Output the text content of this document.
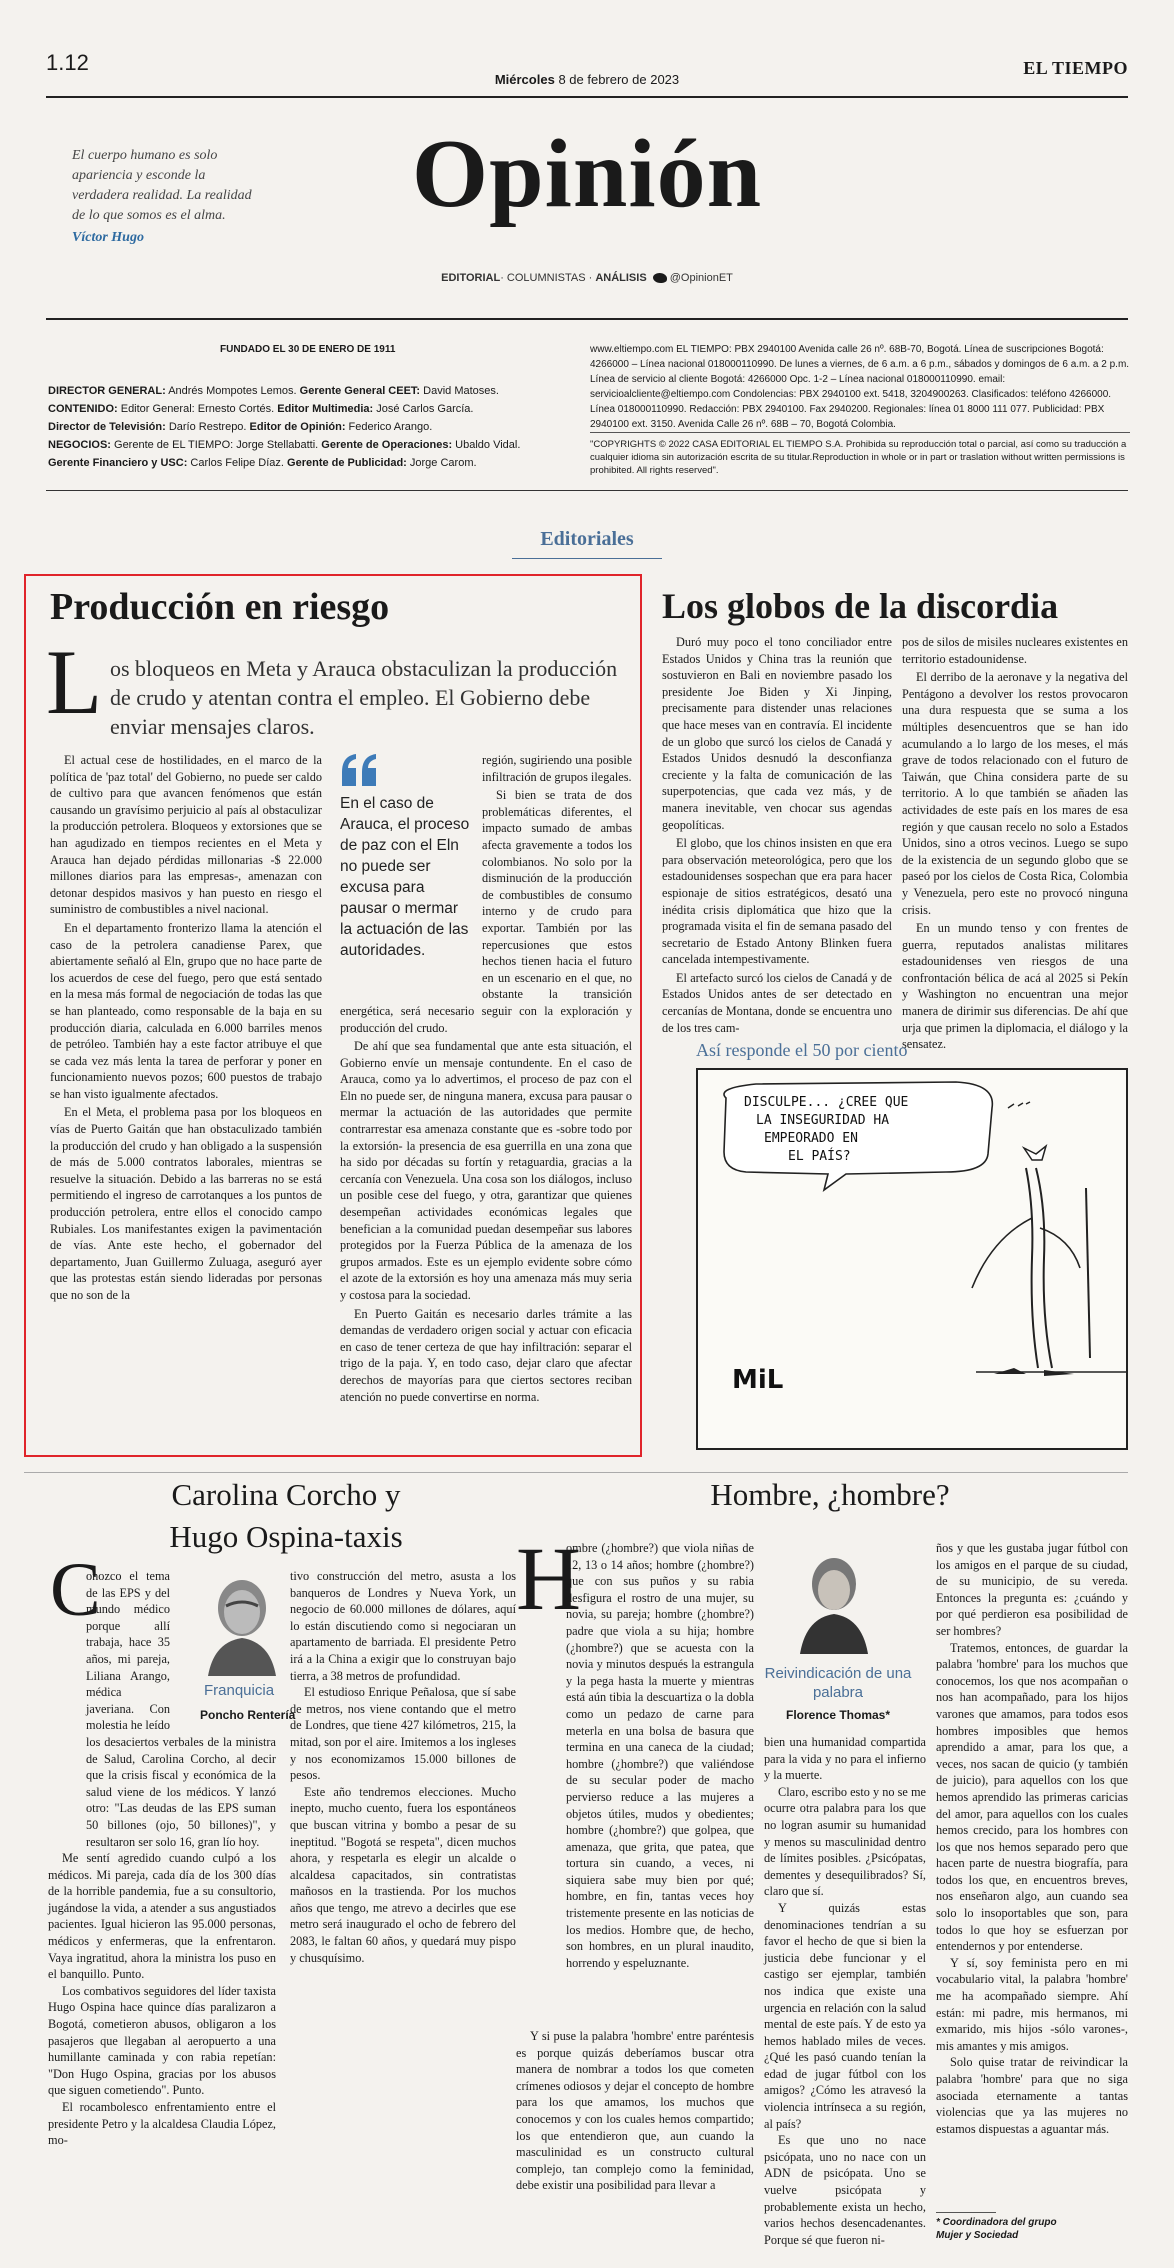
1.12
Miércoles 8 de febrero de 2023
EL TIEMPO
El cuerpo humano es solo apariencia y esconde la verdadera realidad. La realidad de lo que somos es el alma.
Víctor Hugo
Opinión
EDITORIAL· COLUMNISTAS · ANÁLISIS @OpinionET
FUNDADO EL 30 DE ENERO DE 1911
DIRECTOR GENERAL: Andrés Mompotes Lemos. Gerente General CEET: David Matoses.
CONTENIDO: Editor General: Ernesto Cortés. Editor Multimedia: José Carlos García.
Director de Televisión: Darío Restrepo. Editor de Opinión: Federico Arango.
NEGOCIOS: Gerente de EL TIEMPO: Jorge Stellabatti. Gerente de Operaciones: Ubaldo Vidal.
Gerente Financiero y USC: Carlos Felipe Díaz. Gerente de Publicidad: Jorge Carom.
www.eltiempo.com EL TIEMPO: PBX 2940100 Avenida calle 26 nº. 68B-70, Bogotá. Línea de suscripciones Bogotá: 4266000 – Línea nacional 018000110990. De lunes a viernes, de 6 a.m. a 6 p.m., sábados y domingos de 6 a.m. a 2 p.m. Línea de servicio al cliente Bogotá: 4266000 Opc. 1-2 – Línea nacional 018000110990. email: servicioalcliente@eltiempo.com Condolencias: PBX 2940100 ext. 5418, 3204900263. Clasificados: teléfono 4266000. Línea 018000110990. Redacción: PBX 2940100. Fax 2940200. Regionales: línea 01 8000 111 077. Publicidad: PBX 2940100 ext. 3150. Avenida Calle 26 nº. 68B – 70, Bogotá Colombia.
"COPYRIGHTS © 2022 CASA EDITORIAL EL TIEMPO S.A. Prohibida su reproducción total o parcial, así como su traducción a cualquier idioma sin autorización escrita de su titular.Reproduction in whole or in part or traslation without written permissions is prohibited. All rights reserved".
Editoriales
Producción en riesgo
L os bloqueos en Meta y Arauca obstaculizan la producción de crudo y atentan contra el empleo. El Gobierno debe enviar mensajes claros.

El actual cese de hostilidades, en el marco de la política de 'paz total' del Gobierno, no puede ser caldo de cultivo para que avancen fenómenos que están causando un gravísimo perjuicio al país al obstaculizar la producción petrolera. Bloqueos y extorsiones que se han agudizado en tiempos recientes en el Meta y Arauca han dejado pérdidas millonarias -$ 22.000 millones diarios para las empresas-, amenazan con detonar despidos masivos y han puesto en riesgo el suministro de combustibles a nivel nacional.

En el departamento fronterizo llama la atención el caso de la petrolera canadiense Parex, que abiertamente señaló al Eln, grupo que no hace parte de los acuerdos de cese del fuego, pero que está sentado en la mesa más formal de negociación de todas las que se han planteado, como responsable de la baja en su producción diaria, calculada en 6.000 barriles menos de petróleo. También hay a este factor atribuye el que se cada vez más lenta la tarea de perforar y poner en funcionamiento nuevos pozos; 600 puestos de trabajo se han visto igualmente afectados.

En el Meta, el problema pasa por los bloqueos en vías de Puerto Gaitán que han obstaculizado también la producción del crudo y han obligado a la suspensión de más de 5.000 contratos laborales, mientras se resuelve la situación. Debido a las barreras no se está permitiendo el ingreso de carrotanques a los puntos de producción petrolera, entre ellos el conocido campo Rubiales. Los manifestantes exigen la pavimentación de vías. Ante este hecho, el gobernador del departamento, Juan Guillermo Zuluaga, aseguró ayer que las protestas están siendo lideradas por personas que no son de la

En el caso de Arauca, el proceso de paz con el Eln no puede ser excusa para pausar o mermar la actuación de las autoridades.

región, sugiriendo una posible infiltración de grupos ilegales.

Si bien se trata de dos problemáticas diferentes, el impacto sumado de ambas afecta gravemente a todos los colombianos. No solo por la disminución de la producción de combustibles de consumo interno y de crudo para exportar. También por las repercusiones que estos hechos tienen hacia el futuro en un escenario en el que, no obstante la transición energética, será necesario seguir con la exploración y producción del crudo.

De ahí que sea fundamental que ante esta situación, el Gobierno envíe un mensaje contundente. En el caso de Arauca, como ya lo advertimos, el proceso de paz con el Eln no puede ser, de ninguna manera, excusa para pausar o mermar la actuación de las autoridades que permite contrarrestar esa amenaza constante que es -sobre todo por la extorsión- la presencia de esa guerrilla en una zona que ha sido por décadas su fortín y retaguardia, gracias a la cercanía con Venezuela. Una cosa son los diálogos, incluso un posible cese del fuego, y otra, garantizar que quienes desempeñan actividades económicas legales que benefician a la comunidad puedan desempeñar sus labores protegidos por la Fuerza Pública de la amenaza de los grupos armados. Este es un ejemplo evidente sobre cómo el azote de la extorsión es hoy una amenaza más muy seria y costosa para la sociedad.

En Puerto Gaitán es necesario darles trámite a las demandas de verdadero origen social y actuar con eficacia en caso de tener certeza de que hay infiltración: separar el trigo de la paja. Y, en todo caso, dejar claro que afectar derechos de mayorías para que ciertos sectores reciban atención no puede convertirse en norma.

Los globos de la discordia

Duró muy poco el tono conciliador entre Estados Unidos y China tras la reunión que sostuvieron en Bali en noviembre pasado los presidente Joe Biden y Xi Jinping, precisamente para distender unas relaciones que hace meses van en contravía. El incidente de un globo que surcó los cielos de Canadá y Estados Unidos desnudó la desconfianza creciente y la falta de comunicación de las superpotencias, que cada vez más, y de manera inevitable, ven chocar sus agendas geopolíticas.

El globo, que los chinos insisten en que era para observación meteorológica, pero que los estadounidenses sospechan que era para hacer espionaje de sitios estratégicos, desató una inédita crisis diplomática que hizo que la programada visita el fin de semana pasado del secretario de Estado Antony Blinken fuera cancelada intempestivamente.

El artefacto surcó los cielos de Canadá y de Estados Unidos antes de ser detectado en cercanías de Montana, donde se encuentra uno de los tres cam-

pos de silos de misiles nucleares existentes en territorio estadounidense.

El derribo de la aeronave y la negativa del Pentágono a devolver los restos provocaron una dura respuesta que se suma a los múltiples desencuentros que se han ido acumulando a lo largo de los meses, el más grave de todos relacionado con el futuro de Taiwán, que China considera parte de su territorio. A lo que también se añaden las actividades de este país en los mares de esa región y que causan recelo no solo a Estados Unidos, sino a otros vecinos. Luego se supo de la existencia de un segundo globo que se paseó por los cielos de Costa Rica, Colombia y Venezuela, pero este no provocó ninguna crisis.

En un mundo tenso y con frentes de guerra, reputados analistas militares estadounidenses ven riesgos de una confrontación bélica de acá al 2025 si Pekín y Washington no encuentran una mejor manera de dirimir sus diferencias. De ahí que urja que primen la diplomacia, el diálogo y la sensatez.

Así responde el 50 por ciento
DISCULPE... ¿CREE QUE
LA INSEGURIDAD HA
EMPEORADO EN
EL PAÍS?
MiL
Carolina Corcho y
Hugo Ospina-taxis
C

onozco el tema de las EPS y del mundo médico porque allí trabaja, hace 35 años, mi pareja, Liliana Arango, médica javeriana. Con molestia he leído los desaciertos verbales de la ministra de Salud, Carolina Corcho, al decir que la crisis fiscal y económica de la salud viene de los médicos. Y lanzó otro: "Las deudas de las EPS suman 50 billones (ojo, 50 billones)", y resultaron ser solo 16, gran lío hoy.

Me sentí agredido cuando culpó a los médicos. Mi pareja, cada día de los 300 días de la horrible pandemia, fue a su consultorio, jugándose la vida, a atender a sus angustiados pacientes. Igual hicieron las 95.000 personas, médicos y enfermeras, que la enfrentaron. Vaya ingratitud, ahora la ministra los puso en el banquillo. Punto.

Los combativos seguidores del líder taxista Hugo Ospina hace quince días paralizaron a Bogotá, cometieron abusos, obligaron a los pasajeros que llegaban al aeropuerto a una humillante caminada y con rabia repetían: "Don Hugo Ospina, gracias por los abusos que siguen cometiendo". Punto.

El rocambolesco enfrentamiento entre el presidente Petro y la alcaldesa Claudia López, mo-

Franquicia
Poncho Rentería

tivo construcción del metro, asusta a los banqueros de Londres y Nueva York, un negocio de 60.000 millones de dólares, aquí lo están discutiendo como si negociaran un apartamento de barriada. El presidente Petro irá a la China a exigir que lo construyan bajo tierra, a 38 metros de profundidad.

El estudioso Enrique Peñalosa, que sí sabe de metros, nos viene contando que el metro de Londres, que tiene 427 kilómetros, 215, la mitad, son por el aire. Imitemos a los ingleses y nos economizamos 15.000 billones de pesos.

Este año tendremos elecciones. Mucho inepto, mucho cuento, fuera los espontáneos que buscan vitrina y bombo a pesar de su ineptitud. "Bogotá se respeta", dicen muchos ahora, y respetarla es elegir un alcalde o alcaldesa capacitados, sin contratistas mañosos en la trastienda. Por los muchos años que tengo, me atrevo a decirles que ese metro será inaugurado el ocho de febrero del 2083, le faltan 60 años, y quedará muy pispo y chusquísimo.

Hombre, ¿hombre?
H

ombre (¿hombre?) que viola niñas de 12, 13 o 14 años; hombre (¿hombre?) que con sus puños y su rabia desfigura el rostro de una mujer, su novia, su pareja; hombre (¿hombre?) padre que viola a su hija; hombre (¿hombre?) que se acuesta con la novia y minutos después la estrangula y la pega hasta la muerte y mientras está aún tibia la descuartiza o la dobla como un pedazo de carne para meterla en una bolsa de basura que termina en una caneca de la ciudad; hombre (¿hombre?) que valiéndose de su secular poder de macho pervierso reduce a las mujeres a objetos útiles, mudos y obedientes; hombre (¿hombre?) que golpea, que amenaza, que grita, que patea, que tortura sin cuando, a veces, ni siquiera sabe muy bien por qué; hombre, en fin, tantas veces hoy tristemente presente en las noticias de los medios. Hombre que, de hecho, son hombres, en un plural inaudito, horrendo y espeluznante.

Y si puse la palabra 'hombre' entre paréntesis es porque quizás deberíamos buscar otra manera de nombrar a todos los que cometen crímenes odiosos y dejar el concepto de hombre para los que amamos, los muchos que conocemos y con los cuales hemos compartido; los que entendieron que, aun cuando la masculinidad es un constructo cultural complejo, tan complejo como la feminidad, debe existir una posibilidad para llevar a

Reivindicación de una palabra
Florence Thomas*

bien una humanidad compartida para la vida y no para el infierno y la muerte.

Claro, escribo esto y no se me ocurre otra palabra para los que no logran asumir su humanidad y menos su masculinidad dentro de límites posibles. ¿Psicópatas, dementes y desequilibrados? Sí, claro que sí.

Y quizás estas denominaciones tendrían a su favor el hecho de que si bien la justicia debe funcionar y el castigo ser ejemplar, también nos indica que existe una urgencia en relación con la salud mental de este país. Y de esto ya hemos hablado miles de veces. ¿Qué les pasó cuando tenían la edad de jugar fútbol con los amigos? ¿Cómo les atravesó la violencia intrínseca a su región, al país?

Es que uno no nace psicópata, uno no nace con un ADN de psicópata. Uno se vuelve psicópata y probablemente exista un hecho, varios hechos desencadenantes. Porque sé que fueron ni-

ños y que les gustaba jugar fútbol con los amigos en el parque de su ciudad, de su municipio, de su vereda. Entonces la pregunta es: ¿cuándo y por qué perdieron esa posibilidad de ser hombres?

Tratemos, entonces, de guardar la palabra 'hombre' para los muchos que conocemos, los que nos acompañan o nos han acompañado, para los hijos varones que amamos, para todos esos hombres imposibles que hemos aprendido a amar, para los que, a veces, nos sacan de quicio (y también de juicio), para aquellos con los que hemos aprendido las primeras caricias del amor, para aquellos con los cuales hemos crecido, para los hombres con los que nos hemos separado pero que hacen parte de nuestra biografía, para todos los que, en encuentros breves, nos enseñaron algo, aun cuando sea solo lo insoportables que son, para todos lo que hoy se esfuerzan por entendernos y por entenderse.

Y sí, soy feminista pero en mi vocabulario vital, la palabra 'hombre' me ha acompañado siempre. Ahí están: mi padre, mis hermanos, mi exmarido, mis hijos -sólo varones-, mis amantes y mis amigos.

Solo quise tratar de reivindicar la palabra 'hombre' para que no siga asociada eternamente a tantas violencias que ya las mujeres no estamos dispuestas a aguantar más.

* Coordinadora del grupo
Mujer y Sociedad
